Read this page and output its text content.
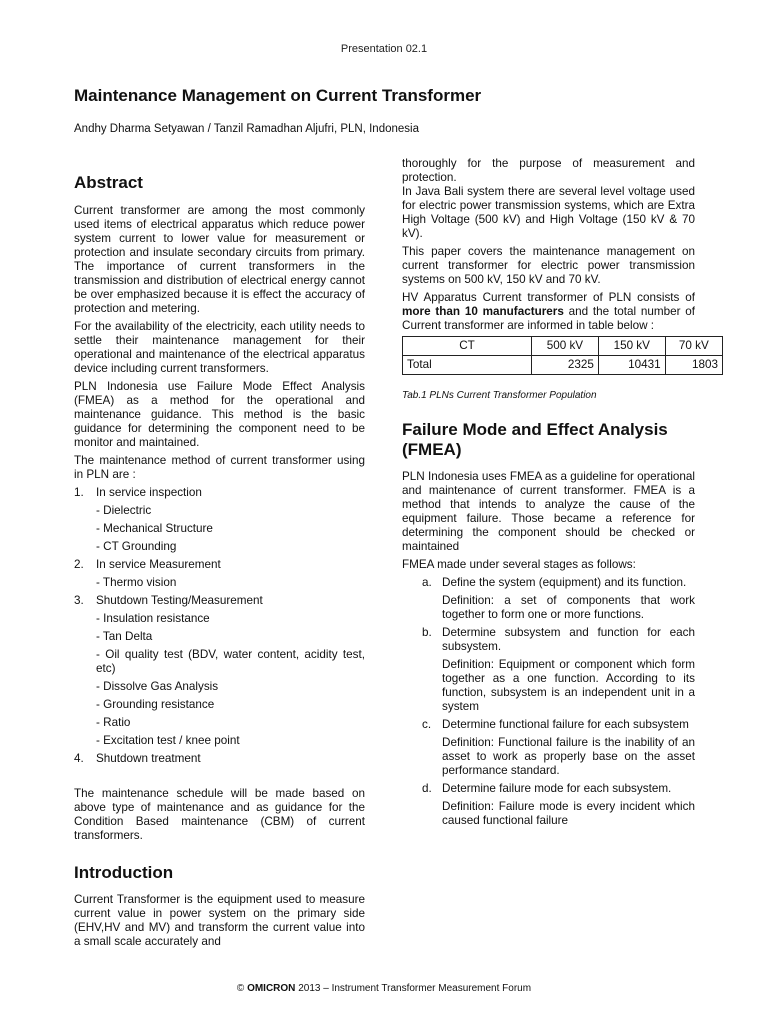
Presentation 02.1
Maintenance Management on Current Transformer
Andhy Dharma Setyawan / Tanzil Ramadhan Aljufri, PLN, Indonesia
Abstract

Current transformer are among the most commonly used items of electrical apparatus which reduce power system current to lower value for measurement or protection and insulate secondary circuits from primary. The importance of current transformers in the transmission and distribution of electrical energy cannot be over emphasized because it is effect the accuracy of protection and metering.

For the availability of the electricity, each utility needs to settle their maintenance management for their operational and maintenance of the electrical apparatus device including current transformers.

PLN Indonesia use Failure Mode Effect Analysis (FMEA) as a method for the operational and maintenance guidance. This method is the basic guidance for determining the component need to be monitor and maintained.

The maintenance method of current transformer using in PLN are :

1. In service inspection
- Dielectric
- Mechanical Structure
- CT Grounding
2. In service Measurement
- Thermo vision
3. Shutdown Testing/Measurement
- Insulation resistance
- Tan Delta
- Oil quality test (BDV, water content, acidity test, etc)
- Dissolve Gas Analysis
- Grounding resistance
- Ratio
- Excitation test / knee point
4. Shutdown treatment

The maintenance schedule will be made based on above type of maintenance and as guidance for the Condition Based maintenance (CBM) of current transformers.

Introduction

Current Transformer is the equipment used to measure current value in power system on the primary side (EHV,HV and MV) and transform the current value into a small scale accurately and

thoroughly for the purpose of measurement and protection.

In Java Bali system there are several level voltage used for electric power transmission systems, which are Extra High Voltage (500 kV) and High Voltage (150 kV & 70 kV).

This paper covers the maintenance management on current transformer for electric power transmission systems on 500 kV, 150 kV and 70 kV.

HV Apparatus Current transformer of PLN consists of more than 10 manufacturers and the total number of Current transformer are informed in table below :

CT	500 kV	150 kV	70 kV
Total	2325	10431	1803
Tab.1 PLNs Current Transformer Population
Failure Mode and Effect Analysis (FMEA)

PLN Indonesia uses FMEA as a guideline for operational and maintenance of current transformer. FMEA is a method that intends to analyze the cause of the equipment failure. Those became a reference for determining the component should be checked or maintained

FMEA made under several stages as follows:

a. Define the system (equipment) and its function.
Definition: a set of components that work together to form one or more functions.
b. Determine subsystem and function for each subsystem.
Definition: Equipment or component which form together as a one function. According to its function, subsystem is an independent unit in a system
c. Determine functional failure for each subsystem
Definition: Functional failure is the inability of an asset to work as properly base on the asset performance standard.
d. Determine failure mode for each subsystem.
Definition: Failure mode is every incident which caused functional failure
© OMICRON 2013 – Instrument Transformer Measurement Forum
